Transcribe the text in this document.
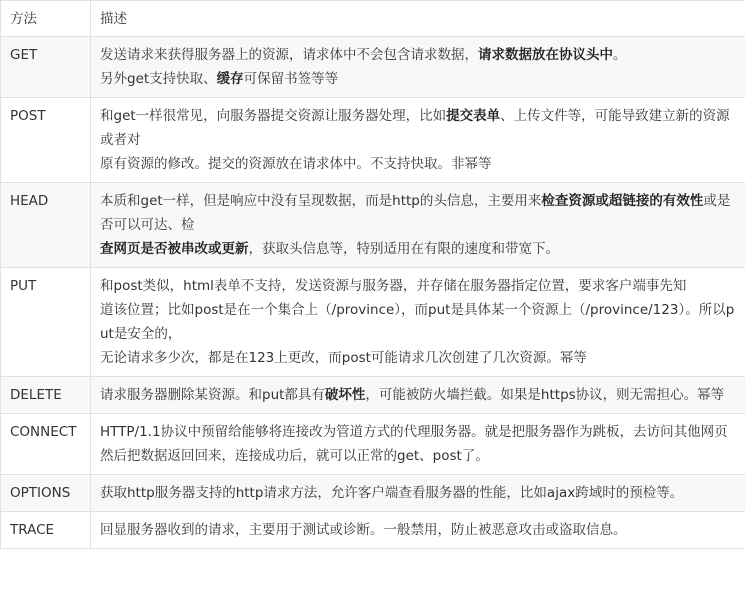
方法	描述
GET	发送请求来获得服务器上的资源，请求体中不会包含请求数据，请求数据放在协议头中。
另外get支持快取、缓存可保留书签等等

POST	和get一样很常见，向服务器提交资源让服务器处理，比如提交表单、上传文件等，可能导致建立新的资源或者对
原有资源的修改。提交的资源放在请求体中。不支持快取。非幂等

HEAD	本质和get一样，但是响应中没有呈现数据，而是http的头信息，主要用来检查资源或超链接的有效性或是否可以可达、检
查网页是否被串改或更新，获取头信息等，特别适用在有限的速度和带宽下。

PUT	和post类似，html表单不支持，发送资源与服务器，并存储在服务器指定位置，要求客户端事先知
道该位置；比如post是在一个集合上（/province），而put是具体某一个资源上（/province/123）。所以put是安全的，
无论请求多少次，都是在123上更改，而post可能请求几次创建了几次资源。幂等

DELETE	请求服务器删除某资源。和put都具有破坏性，可能被防火墙拦截。如果是https协议，则无需担心。幂等

CONNECT	HTTP/1.1协议中预留给能够将连接改为管道方式的代理服务器。就是把服务器作为跳板，去访问其他网页
然后把数据返回回来，连接成功后，就可以正常的get、post了。

OPTIONS	获取http服务器支持的http请求方法，允许客户端查看服务器的性能，比如ajax跨域时的预检等。

TRACE	回显服务器收到的请求，主要用于测试或诊断。一般禁用，防止被恶意攻击或盗取信息。
